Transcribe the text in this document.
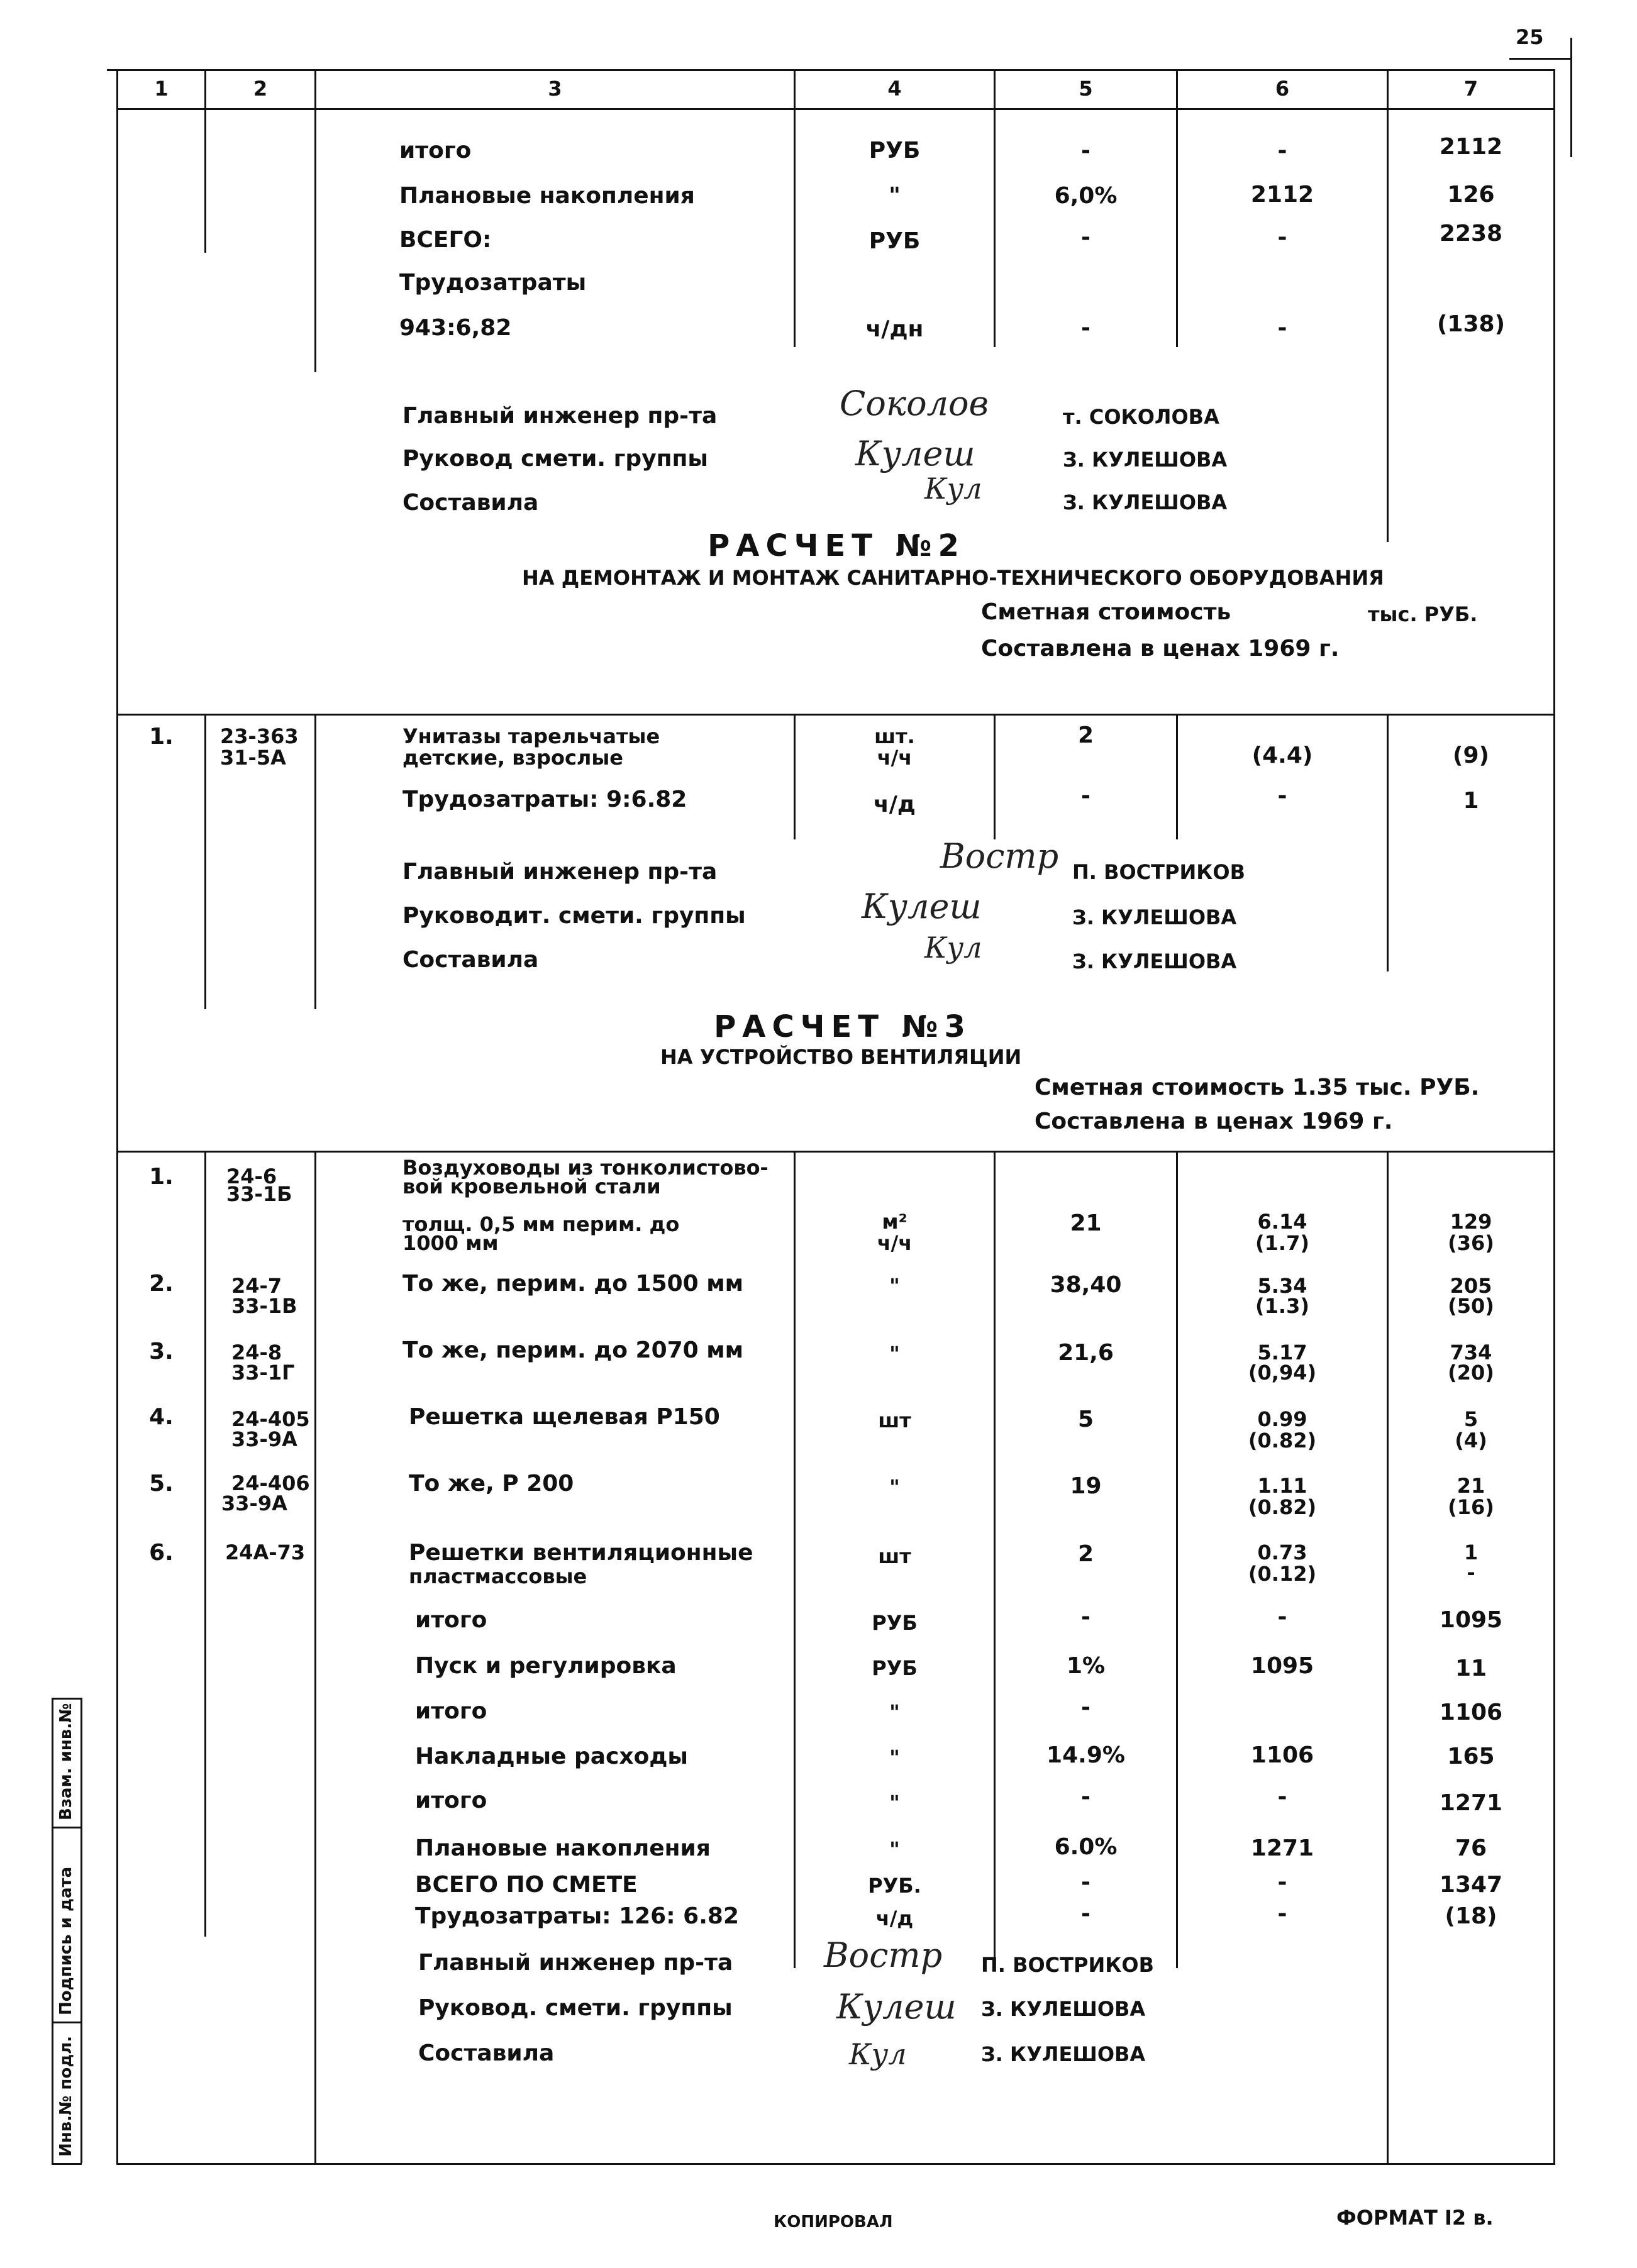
25
1	2	3	4	5	6	7
итого	РУБ	-	-	2112
Плановые накопления	"	6,0%	2112	126
ВСЕГО:	РУБ	-	-	2238
Трудозатраты
943:6,82	ч/дн	-	-	(138)
Главный инженер пр-та	т. СОКОЛОВА
Руковод смети. группы	З. КУЛЕШОВА
Составила	З. КУЛЕШОВА
Соколов
Кулеш
Кул
РАСЧЕТ №2
НА ДЕМОНТАЖ И МОНТАЖ САНИТАРНО-ТЕХНИЧЕСКОГО ОБОРУДОВАНИЯ
Сметная стоимость	тыс. РУБ.
Составлена в ценах 1969 г.
1.	23-363
31-5А
Унитазы тарельчатые
детские, взрослые
шт.
ч/ч
2
(4.4)	(9)
Трудозатраты: 9:6.82	ч/д	-	-	1
Главный инженер пр-та	П. ВОСТРИКОВ
Руководит. смети. группы	З. КУЛЕШОВА
Составила	З. КУЛЕШОВА
Востр
Кулеш
Кул
РАСЧЕТ №3
НА УСТРОЙСТВО ВЕНТИЛЯЦИИ
Сметная стоимость 1.35 тыс. РУБ.
Составлена в ценах 1969 г.
1.	24-6
33-1Б
Воздуховоды из тонколистово-
вой кровельной стали
толщ. 0,5 мм перим. до
1000 мм
м²
ч/ч
21	6.14
(1.7)
129
(36)
2.	24-7
33-1В
То же, перим. до 1500 мм	"	38,40	5.34
(1.3)
205
(50)
3.	24-8
33-1Г
То же, перим. до 2070 мм	"	21,6	5.17
(0,94)
734
(20)
4.	24-405
33-9А
Решетка щелевая Р150	шт	5	0.99
(0.82)
5
(4)
5.	24-406
33-9А
То же, Р 200	"	19	1.11
(0.82)
21
(16)
6.	24А-73	Решетки вентиляционные
пластмассовые
шт	2	0.73
(0.12)
1
-
итого	РУБ	-	-	1095
Пуск и регулировка	РУБ	1%	1095	11
итого	"	-	1106
Накладные расходы	"	14.9%	1106	165
итого	"	-	-	1271
Плановые накопления	"	6.0%	1271	76
ВСЕГО ПО СМЕТЕ	РУБ.	-	-	1347
Трудозатраты: 126: 6.82	ч/д	-	-	(18)
Главный инженер пр-та	П. ВОСТРИКОВ
Руковод. смети. группы	З. КУЛЕШОВА
Составила	З. КУЛЕШОВА
Востр
Кулеш
Кул
Инв.№ подл.
Подпись и дата
Взам. инв.№
КОПИРОВАЛ	ФОРМАТ I2 в.
